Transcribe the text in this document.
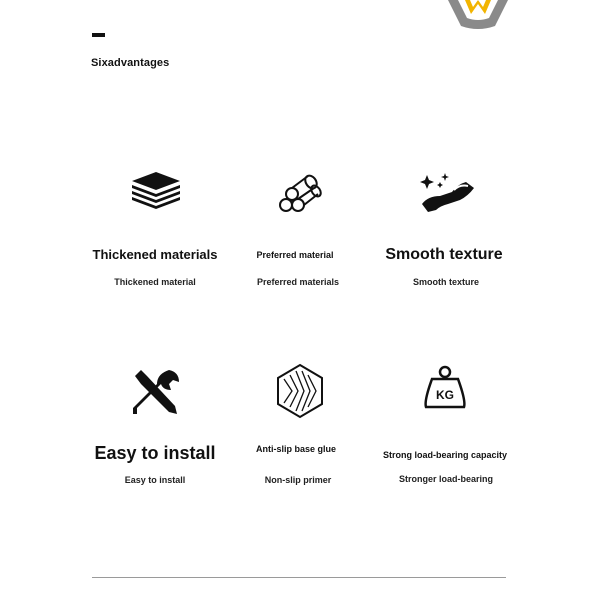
Sixadvantages
Thickened materials
Thickened material
Preferred material
Preferred materials
Smooth texture
Smooth texture
KG
Easy to install
Easy to install
Anti-slip base glue
Non-slip primer
Strong load-bearing capacity
Stronger load-bearing
